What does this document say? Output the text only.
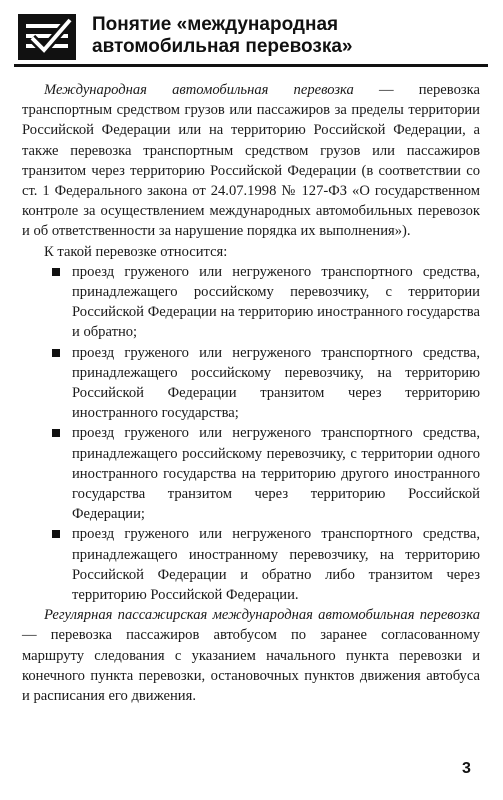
Понятие «международная
автомобильная перевозка»

Международная автомобильная перевозка — перевозка транспортным средством грузов или пассажиров за пределы территории Российской Федерации или на территорию Российской Федерации, а также перевозка транспортным средством грузов или пассажиров транзитом через территорию Российской Федерации (в соответствии со ст. 1 Федерального закона от 24.07.1998 № 127-ФЗ «О государственном контроле за осуществлением международных автомобильных перевозок и об ответственности за нарушение порядка их выполнения»).

К такой перевозке относится:

проезд груженого или негруженого транспортного средства, принадлежащего российскому перевозчику, с территории Российской Федерации на территорию иностранного государства и обратно;
проезд груженого или негруженого транспортного средства, принадлежащего российскому перевозчику, на территорию Российской Федерации транзитом через территорию иностранного государства;
проезд груженого или негруженого транспортного средства, принадлежащего российскому перевозчику, с территории одного иностранного государства на территорию другого иностранного государства транзитом через территорию Российской Федерации;
проезд груженого или негруженого транспортного средства, принадлежащего иностранному перевозчику, на территорию Российской Федерации и обратно либо транзитом через территорию Российской Федерации.

Регулярная пассажирская международная автомобильная перевозка — перевозка пассажиров автобусом по заранее согласованному маршруту следования с указанием начального пункта перевозки и конечного пункта перевозки, остановочных пунктов движения автобуса и расписания его движения.

3
